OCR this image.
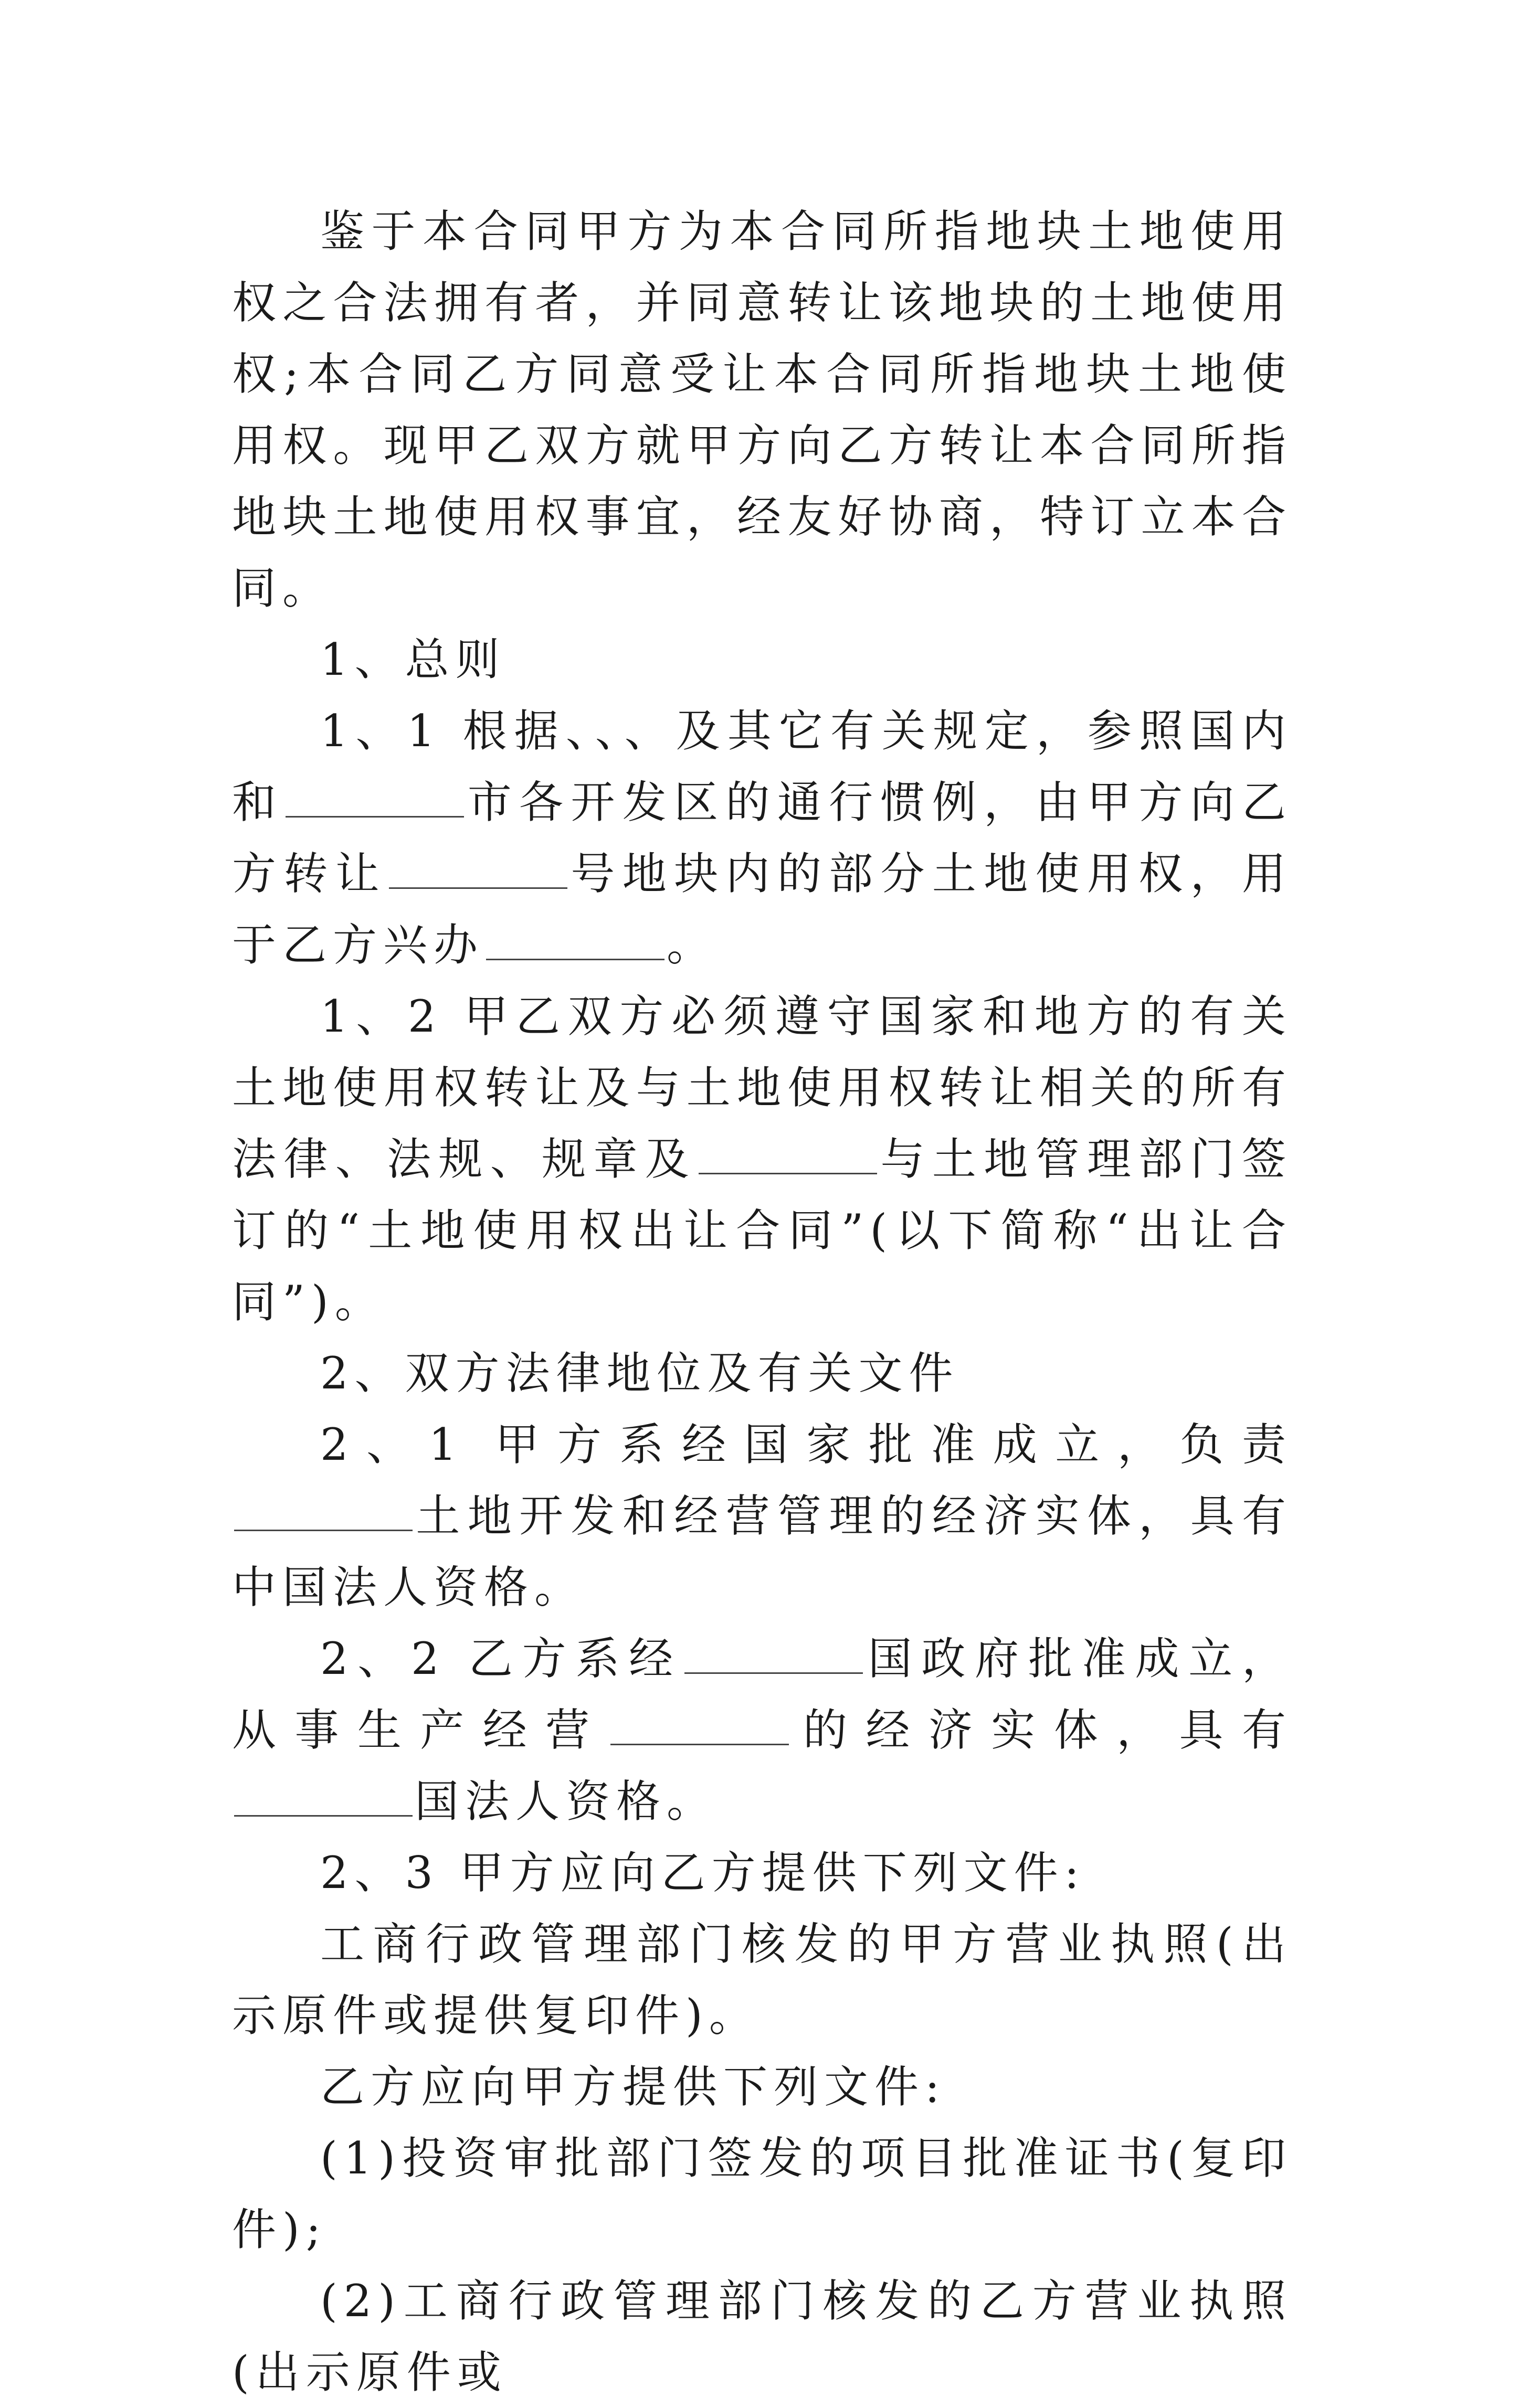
鉴于本合同甲方为本合同所指地块土地使用权之合法拥有者，并同意转让该地块的土地使用权;本合同乙方同意受让本合同所指地块土地使用权。现甲乙双方就甲方向乙方转让本合同所指地块土地使用权事宜，经友好协商，特订立本合同。

1、总则

1、1 根据、、、及其它有关规定，参照国内和	市各开发区的通行惯例，由甲方向乙方转让	号地块内的部分土地使用权，用于乙方兴办	。

1、2 甲乙双方必须遵守国家和地方的有关土地使用权转让及与土地使用权转让相关的所有法律、法规、规章及	与土地管理部门签订的“土地使用权出让合同”(以下简称“出让合同”)。

2、双方法律地位及有关文件

2、1 甲方系经国家批准成立，负责土地开发和经营管理的经济实体，具有中国法人资格。

2、2 乙方系经	国政府批准成立，从事生产经营	的经济实体，具有国法人资格。

2、3 甲方应向乙方提供下列文件:

工商行政管理部门核发的甲方营业执照(出示原件或提供复印件)。

乙方应向甲方提供下列文件:

(1)投资审批部门签发的项目批准证书(复印件);

(2)工商行政管理部门核发的乙方营业执照(出示原件或
